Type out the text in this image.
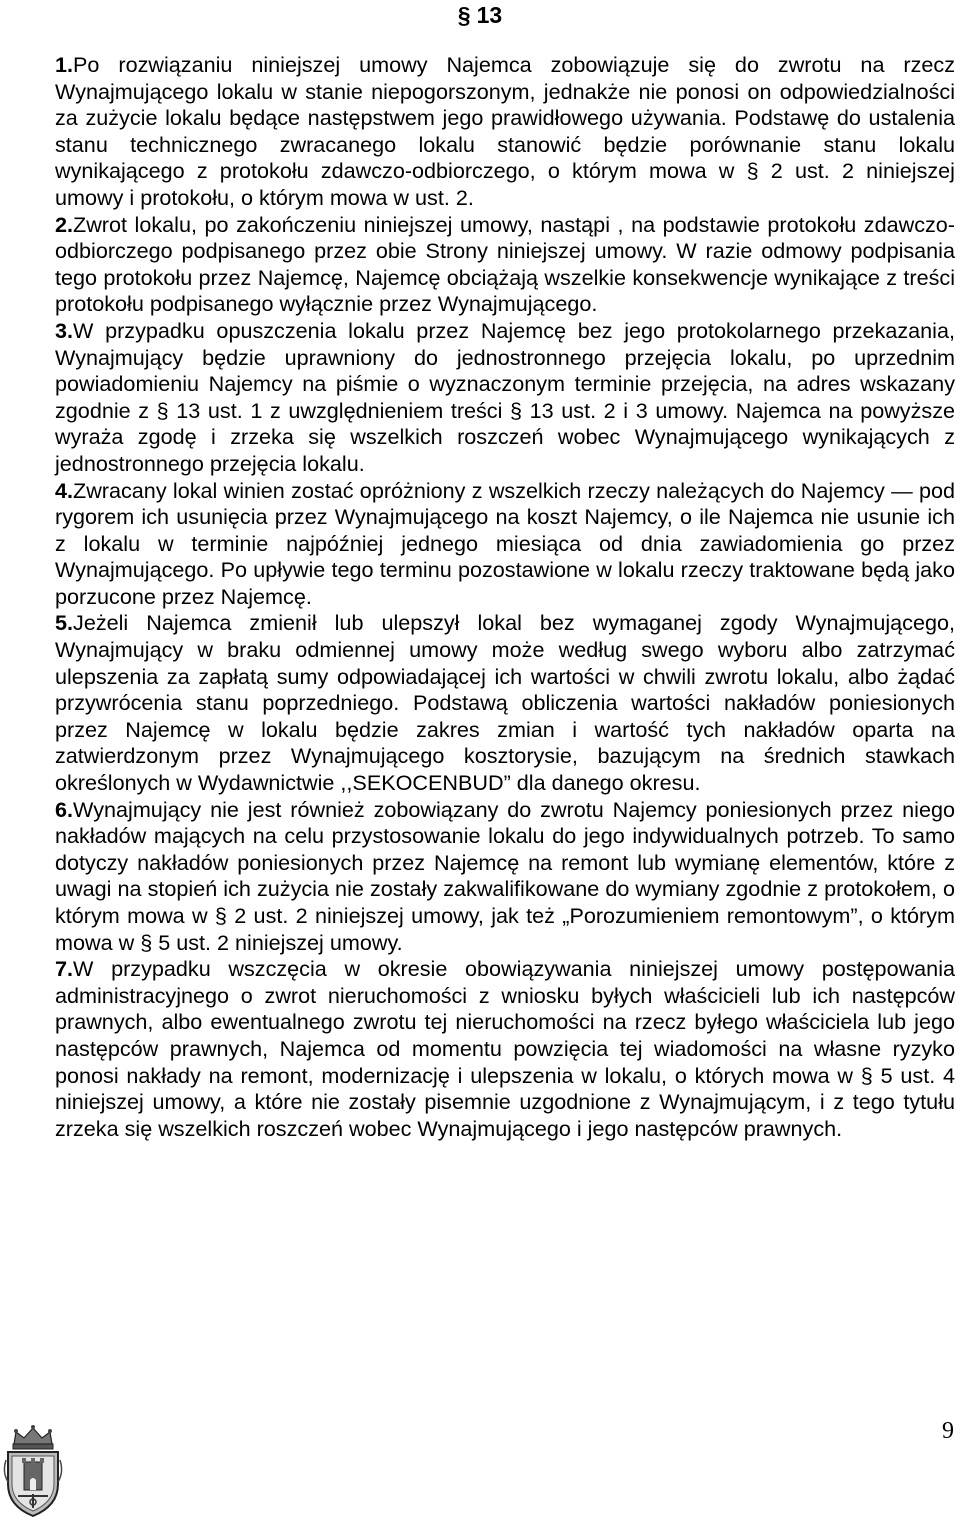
§ 13

1.Po rozwiązaniu niniejszej umowy Najemca zobowiązuje się do zwrotu na rzecz Wynajmującego lokalu w stanie niepogorszonym, jednakże nie ponosi on odpowiedzialności za zużycie lokalu będące następstwem jego prawidłowego używania. Podstawę do ustalenia stanu technicznego zwracanego lokalu stanowić będzie porównanie stanu lokalu wynikającego z protokołu zdawczo-odbiorczego, o którym mowa w § 2 ust. 2 niniejszej umowy i protokołu, o którym mowa w ust. 2.

2.Zwrot lokalu, po zakończeniu niniejszej umowy, nastąpi , na podstawie protokołu zdawczo-odbiorczego podpisanego przez obie Strony niniejszej umowy. W razie odmowy podpisania tego protokołu przez Najemcę, Najemcę obciążają wszelkie konsekwencje wynikające z treści protokołu podpisanego wyłącznie przez Wynajmującego.

3.W przypadku opuszczenia lokalu przez Najemcę bez jego protokolarnego przekazania, Wynajmujący będzie uprawniony do jednostronnego przejęcia lokalu, po uprzednim powiadomieniu Najemcy na piśmie o wyznaczonym terminie przejęcia, na adres wskazany zgodnie z § 13 ust. 1 z uwzględnieniem treści § 13 ust. 2 i 3 umowy. Najemca na powyższe wyraża zgodę i zrzeka się wszelkich roszczeń wobec Wynajmującego wynikających z jednostronnego przejęcia lokalu.

4.Zwracany lokal winien zostać opróżniony z wszelkich rzeczy należących do Najemcy — pod rygorem ich usunięcia przez Wynajmującego na koszt Najemcy, o ile Najemca nie usunie ich z lokalu w terminie najpóźniej jednego miesiąca od dnia zawiadomienia go przez Wynajmującego. Po upływie tego terminu pozostawione w lokalu rzeczy traktowane będą jako porzucone przez Najemcę.

5.Jeżeli Najemca zmienił lub ulepszył lokal bez wymaganej zgody Wynajmującego, Wynajmujący w braku odmiennej umowy może według swego wyboru albo zatrzymać ulepszenia za zapłatą sumy odpowiadającej ich wartości w chwili zwrotu lokalu, albo żądać przywrócenia stanu poprzedniego. Podstawą obliczenia wartości nakładów poniesionych przez Najemcę w lokalu będzie zakres zmian i wartość tych nakładów oparta na zatwierdzonym przez Wynajmującego kosztorysie, bazującym na średnich stawkach określonych w Wydawnictwie ,,SEKOCENBUD” dla danego okresu.

6.Wynajmujący nie jest również zobowiązany do zwrotu Najemcy poniesionych przez niego nakładów mających na celu przystosowanie lokalu do jego indywidualnych potrzeb. To samo dotyczy nakładów poniesionych przez Najemcę na remont lub wymianę elementów, które z uwagi na stopień ich zużycia nie zostały zakwalifikowane do wymiany zgodnie z protokołem, o którym mowa w § 2 ust. 2 niniejszej umowy, jak też „Porozumieniem remontowym”, o którym mowa w § 5 ust. 2 niniejszej umowy.

7.W przypadku wszczęcia w okresie obowiązywania niniejszej umowy postępowania administracyjnego o zwrot nieruchomości z wniosku byłych właścicieli lub ich następców prawnych, albo ewentualnego zwrotu tej nieruchomości na rzecz byłego właściciela lub jego następców prawnych, Najemca od momentu powzięcia tej wiadomości na własne ryzyko ponosi nakłady na remont, modernizację i ulepszenia w lokalu, o których mowa w § 5 ust. 4 niniejszej umowy, a które nie zostały pisemnie uzgodnione z Wynajmującym, i z tego tytułu zrzeka się wszelkich roszczeń wobec Wynajmującego i jego następców prawnych.

9
